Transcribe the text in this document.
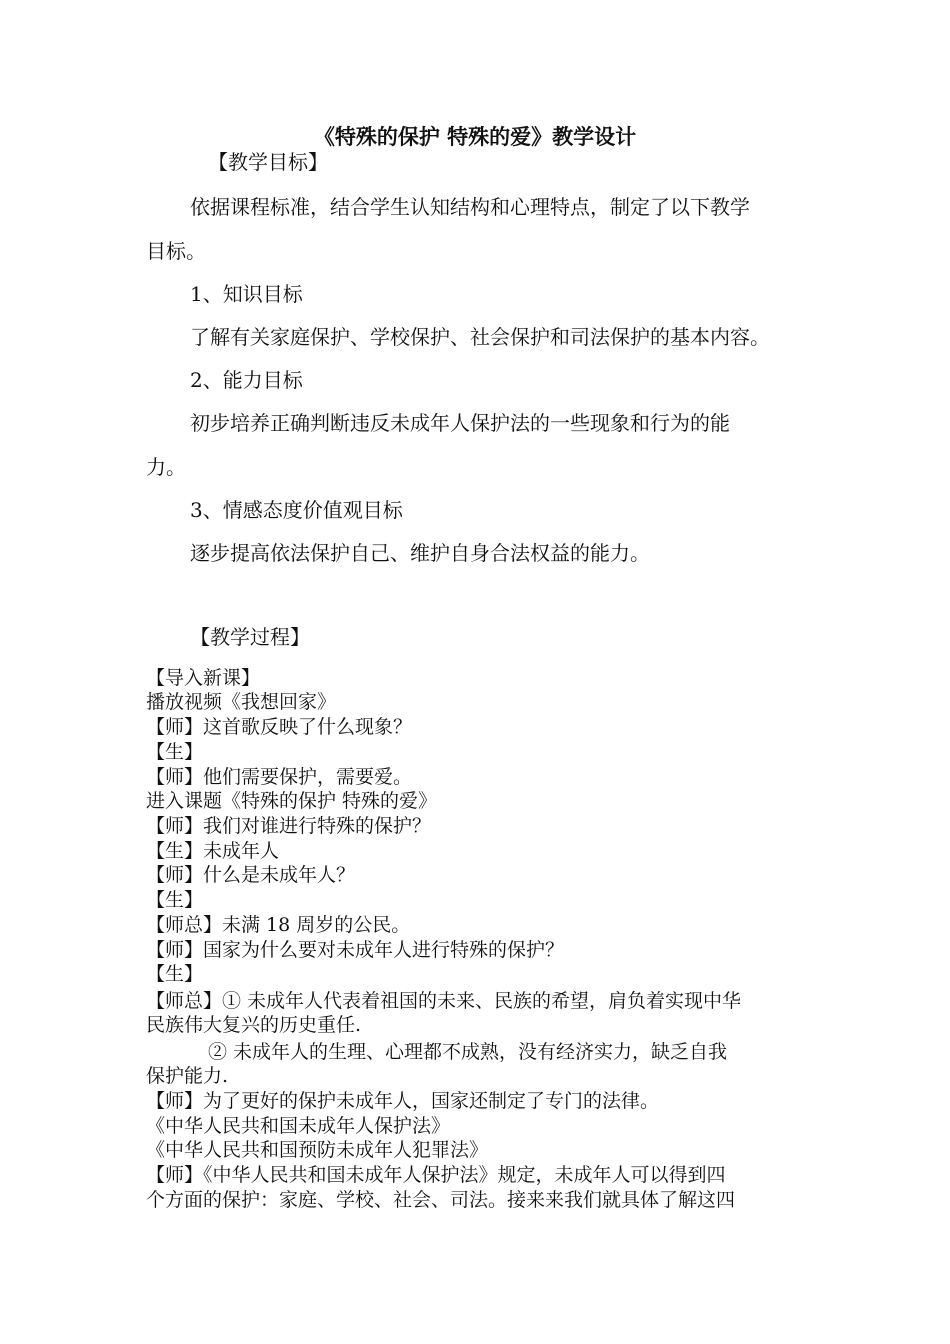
《特殊的保护 特殊的爱》教学设计
【教学目标】
依据课程标准，结合学生认知结构和心理特点，制定了以下教学
目标。
1、知识目标
了解有关家庭保护、学校保护、社会保护和司法保护的基本内容。
2、能力目标
初步培养正确判断违反未成年人保护法的一些现象和行为的能
力。
3、情感态度价值观目标
逐步提高依法保护自己、维护自身合法权益的能力。
【教学过程】
【导入新课】
播放视频《我想回家》
【师】这首歌反映了什么现象？
【生】
【师】他们需要保护，需要爱。
进入课题《特殊的保护 特殊的爱》
【师】我们对谁进行特殊的保护？
【生】未成年人
【师】什么是未成年人？
【生】
【师总】未满 18 周岁的公民。
【师】国家为什么要对未成年人进行特殊的保护？
【生】
【师总】① 未成年人代表着祖国的未来、民族的希望，肩负着实现中华
民族伟大复兴的历史重任.
② 未成年人的生理、心理都不成熟，没有经济实力，缺乏自我
保护能力.
【师】为了更好的保护未成年人，国家还制定了专门的法律。
《中华人民共和国未成年人保护法》
《中华人民共和国预防未成年人犯罪法》
【师】《中华人民共和国未成年人保护法》规定，未成年人可以得到四
个方面的保护：家庭、学校、社会、司法。接来来我们就具体了解这四
